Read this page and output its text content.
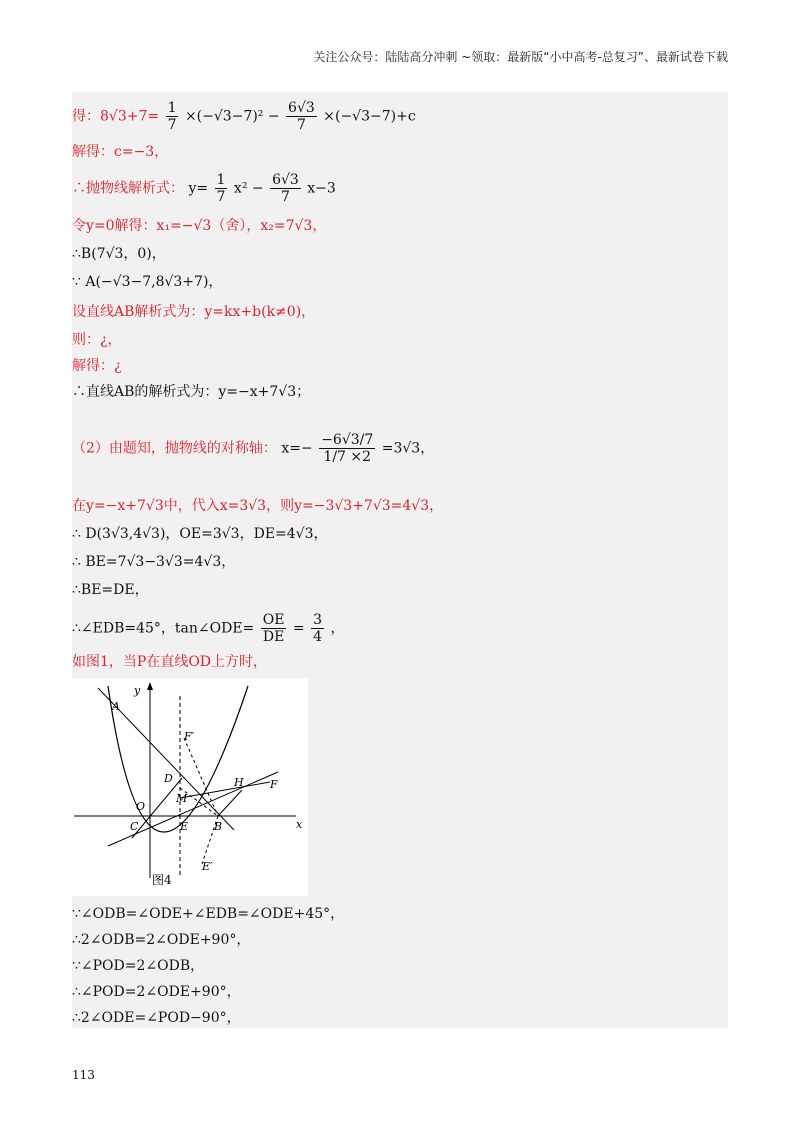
关注公众号：陆陆高分冲刺 ~领取：最新版“小中高考-总复习”、最新试卷下载
得：$8√3+7= \frac{1}{7} \times(-√3-7)^2 - \frac{6√3}{7} \times(-√3-7)+c$
解得：c=−3，
∴抛物线解析式： $y= \frac{1}{7} x^2 - \frac{6√3}{7} x-3$
令y=0解得：x₁=−√3（舍），x₂=7√3，
∴B(7√3，0)，
∵ A(−√3−7,8√3+7)，
设直线AB解析式为：y=kx+b(k≠0)，
则：¿，
解得：¿
∴直线AB的解析式为：y=−x+7√3；
（2）由题知，抛物线的对称轴： $x=- \frac{-6√3/7}{1/7 \times 2} =3√3$，
在y=−x+7√3中，代入x=3√3，则y=−3√3+7√3=4√3，
∴ D(3√3,4√3)，OE=3√3，DE=4√3，
∴ BE=7√3−3√3=4√3，
∴BE=DE，
∴∠EDB=45°，tan∠ODE= $\frac{OE}{DE} = \frac{3}{4}$ ，
如图1，当P在直线OD上方时，
y
x
A
O
C
D
M
E B
H F
F′
E′
图4
∵∠ODB=∠ODE+∠EDB=∠ODE+45°，
∴2∠ODB=2∠ODE+90°，
∵∠POD=2∠ODB，
∴∠POD=2∠ODE+90°，
∴2∠ODE=∠POD−90°，
113
